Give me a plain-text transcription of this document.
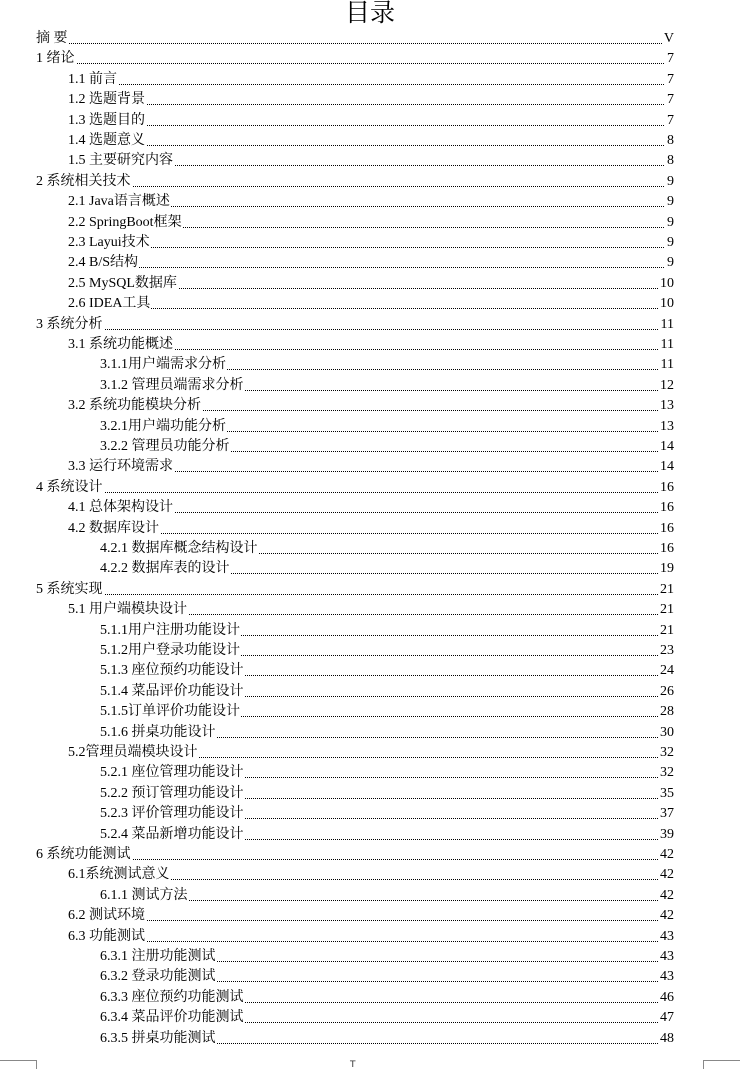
目录
摘 要	V
1 绪论	7
1.1 前言	7
1.2 选题背景	7
1.3 选题目的	7
1.4 选题意义	8
1.5 主要研究内容	8
2 系统相关技术	9
2.1 Java语言概述	9
2.2 SpringBoot框架	9
2.3 Layui技术	9
2.4 B/S结构	9
2.5 MySQL数据库	10
2.6 IDEA工具	10
3 系统分析	11
3.1 系统功能概述	11
3.1.1用户端需求分析	11
3.1.2 管理员端需求分析	12
3.2 系统功能模块分析	13
3.2.1用户端功能分析	13
3.2.2 管理员功能分析	14
3.3 运行环境需求	14
4 系统设计	16
4.1 总体架构设计	16
4.2 数据库设计	16
4.2.1 数据库概念结构设计	16
4.2.2 数据库表的设计	19
5 系统实现	21
5.1 用户端模块设计	21
5.1.1用户注册功能设计	21
5.1.2用户登录功能设计	23
5.1.3 座位预约功能设计	24
5.1.4 菜品评价功能设计	26
5.1.5订单评价功能设计	28
5.1.6 拼桌功能设计	30
5.2管理员端模块设计	32
5.2.1 座位管理功能设计	32
5.2.2 预订管理功能设计	35
5.2.3 评价管理功能设计	37
5.2.4 菜品新增功能设计	39
6 系统功能测试	42
6.1系统测试意义	42
6.1.1 测试方法	42
6.2 测试环境	42
6.3 功能测试	43
6.3.1 注册功能测试	43
6.3.2 登录功能测试	43
6.3.3 座位预约功能测试	46
6.3.4 菜品评价功能测试	47
6.3.5 拼桌功能测试	48
T
